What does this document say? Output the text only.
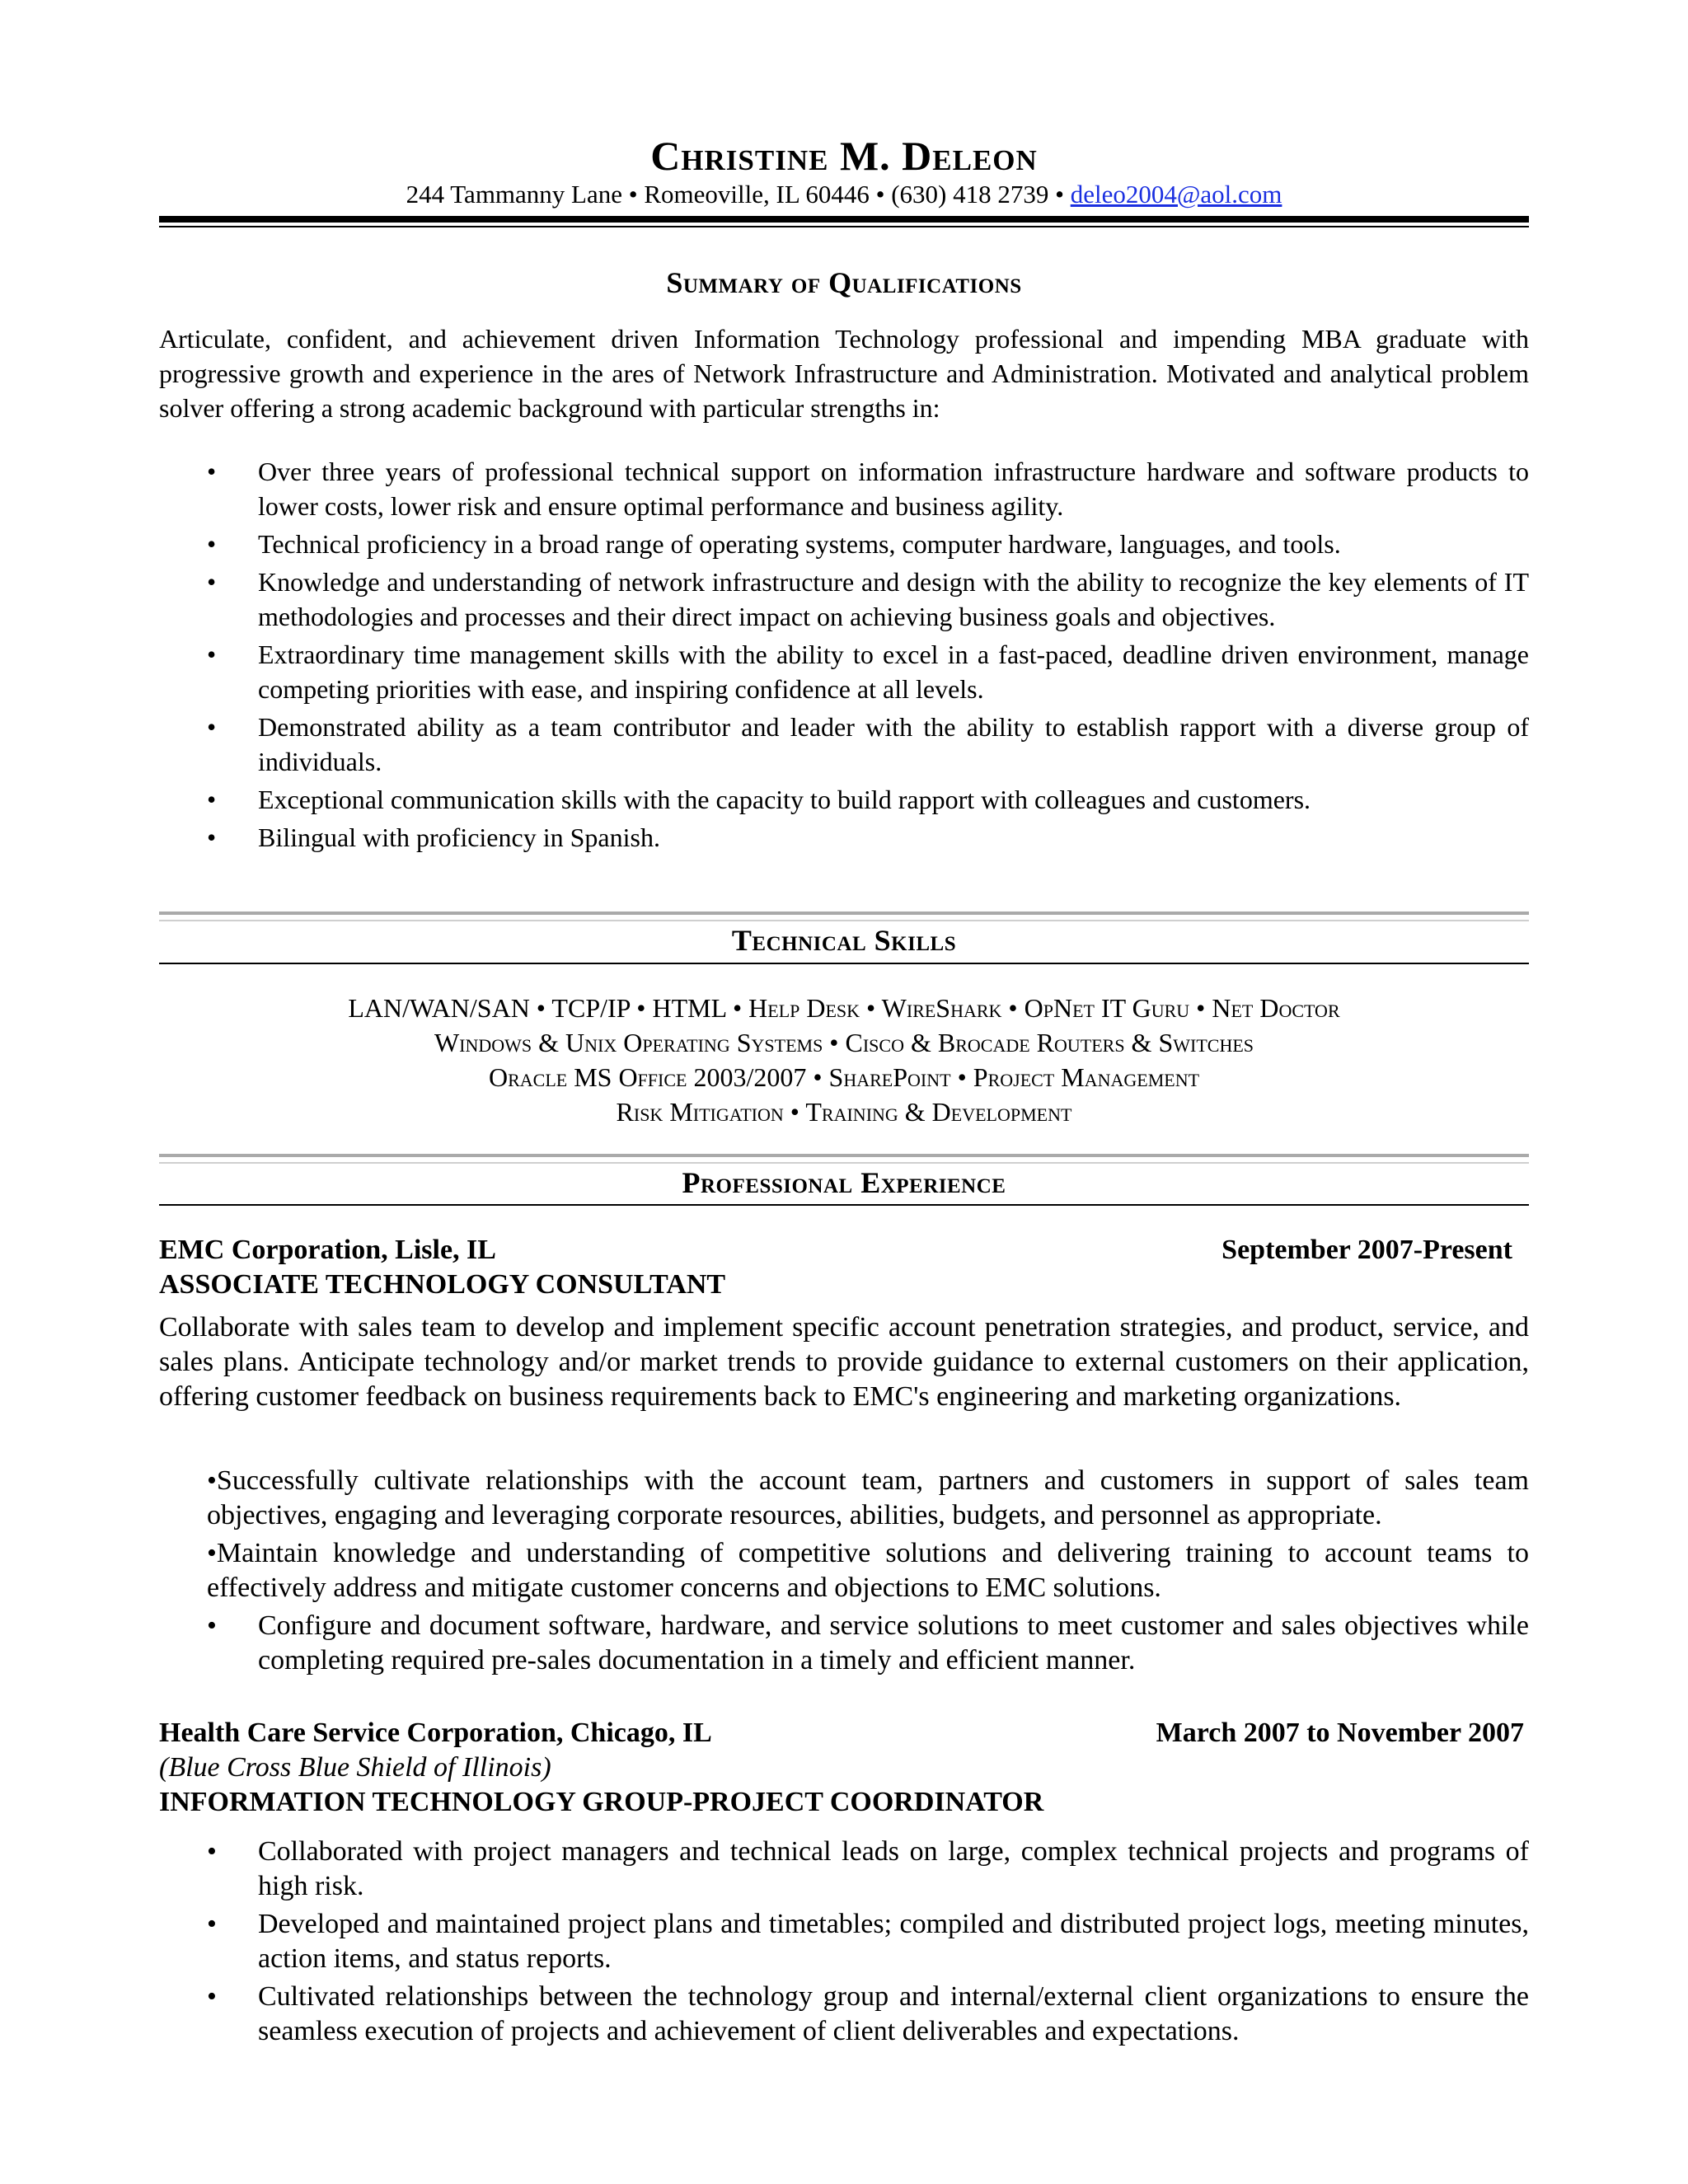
Christine M. Deleon
244 Tammanny Lane • Romeoville, IL 60446 • (630) 418 2739 • deleo2004@aol.com
Summary of Qualifications
Articulate, confident, and achievement driven Information Technology professional and impending MBA graduate with progressive growth and experience in the ares of Network Infrastructure and Administration. Motivated and analytical problem solver offering a strong academic background with particular strengths in:
• Over three years of professional technical support on information infrastructure hardware and software products to lower costs, lower risk and ensure optimal performance and business agility.
• Technical proficiency in a broad range of operating systems, computer hardware, languages, and tools.
• Knowledge and understanding of network infrastructure and design with the ability to recognize the key elements of IT methodologies and processes and their direct impact on achieving business goals and objectives.
• Extraordinary time management skills with the ability to excel in a fast-paced, deadline driven environment, manage competing priorities with ease, and inspiring confidence at all levels.
• Demonstrated ability as a team contributor and leader with the ability to establish rapport with a diverse group of individuals.
• Exceptional communication skills with the capacity to build rapport with colleagues and customers.
• Bilingual with proficiency in Spanish.
Technical Skills
LAN/WAN/SAN • TCP/IP • HTML • Help Desk • WireShark • OpNet IT Guru • Net Doctor
Windows & Unix Operating Systems • Cisco & Brocade Routers & Switches
Oracle MS Office 2003/2007 • SharePoint • Project Management
Risk Mitigation • Training & Development
Professional Experience
EMC Corporation, Lisle, IL	September 2007-Present
ASSOCIATE TECHNOLOGY CONSULTANT
Collaborate with sales team to develop and implement specific account penetration strategies, and product, service, and sales plans. Anticipate technology and/or market trends to provide guidance to external customers on their application, offering customer feedback on business requirements back to EMC's engineering and marketing organizations.
•Successfully cultivate relationships with the account team, partners and customers in support of sales team objectives, engaging and leveraging corporate resources, abilities, budgets, and personnel as appropriate.
•Maintain knowledge and understanding of competitive solutions and delivering training to account teams to effectively address and mitigate customer concerns and objections to EMC solutions.
• Configure and document software, hardware, and service solutions to meet customer and sales objectives while completing required pre-sales documentation in a timely and efficient manner.
Health Care Service Corporation, Chicago, IL	March 2007 to November 2007
(Blue Cross Blue Shield of Illinois)
INFORMATION TECHNOLOGY GROUP-PROJECT COORDINATOR
• Collaborated with project managers and technical leads on large, complex technical projects and programs of high risk.
• Developed and maintained project plans and timetables; compiled and distributed project logs, meeting minutes, action items, and status reports.
• Cultivated relationships between the technology group and internal/external client organizations to ensure the seamless execution of projects and achievement of client deliverables and expectations.
